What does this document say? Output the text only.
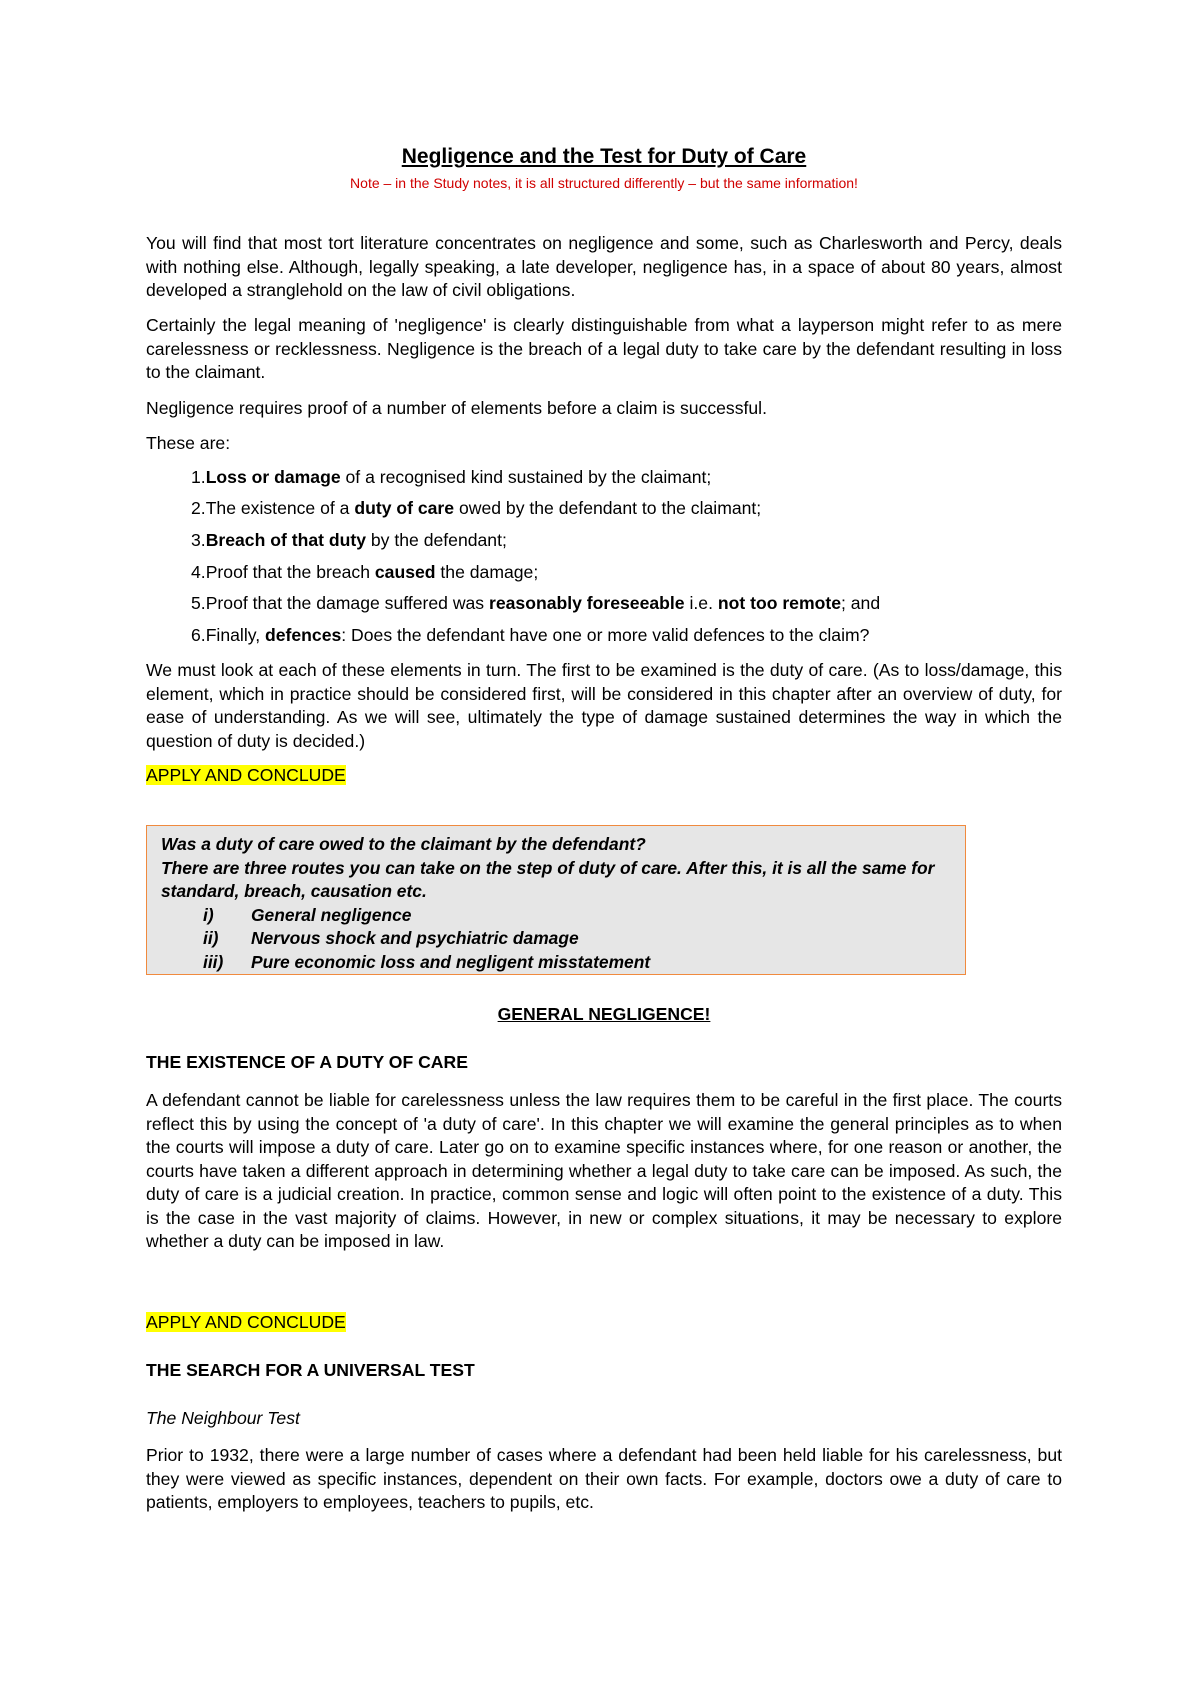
Negligence and the Test for Duty of Care
Note – in the Study notes, it is all structured differently – but the same information!
You will find that most tort literature concentrates on negligence and some, such as Charlesworth and Percy, deals with nothing else. Although, legally speaking, a late developer, negligence has, in a space of about 80 years, almost developed a stranglehold on the law of civil obligations.
Certainly the legal meaning of 'negligence' is clearly distinguishable from what a layperson might refer to as mere carelessness or recklessness. Negligence is the breach of a legal duty to take care by the defendant resulting in loss to the claimant.
Negligence requires proof of a number of elements before a claim is successful.
These are:
1.Loss or damage of a recognised kind sustained by the claimant;
2.The existence of a duty of care owed by the defendant to the claimant;
3.Breach of that duty by the defendant;
4.Proof that the breach caused the damage;
5.Proof that the damage suffered was reasonably foreseeable i.e. not too remote; and
6.Finally, defences: Does the defendant have one or more valid defences to the claim?
We must look at each of these elements in turn. The first to be examined is the duty of care. (As to loss/damage, this element, which in practice should be considered first, will be considered in this chapter after an overview of duty, for ease of understanding. As we will see, ultimately the type of damage sustained determines the way in which the question of duty is decided.)
APPLY AND CONCLUDE
Was a duty of care owed to the claimant by the defendant?
There are three routes you can take on the step of duty of care. After this, it is all the same for standard, breach, causation etc.
i)	General negligence
ii)	Nervous shock and psychiatric damage
iii)	Pure economic loss and negligent misstatement
GENERAL NEGLIGENCE!
THE EXISTENCE OF A DUTY OF CARE
A defendant cannot be liable for carelessness unless the law requires them to be careful in the first place. The courts reflect this by using the concept of 'a duty of care'. In this chapter we will examine the general principles as to when the courts will impose a duty of care. Later go on to examine specific instances where, for one reason or another, the courts have taken a different approach in determining whether a legal duty to take care can be imposed. As such, the duty of care is a judicial creation. In practice, common sense and logic will often point to the existence of a duty. This is the case in the vast majority of claims. However, in new or complex situations, it may be necessary to explore whether a duty can be imposed in law.
APPLY AND CONCLUDE
THE SEARCH FOR A UNIVERSAL TEST
The Neighbour Test
Prior to 1932, there were a large number of cases where a defendant had been held liable for his carelessness, but they were viewed as specific instances, dependent on their own facts. For example, doctors owe a duty of care to patients, employers to employees, teachers to pupils, etc.
